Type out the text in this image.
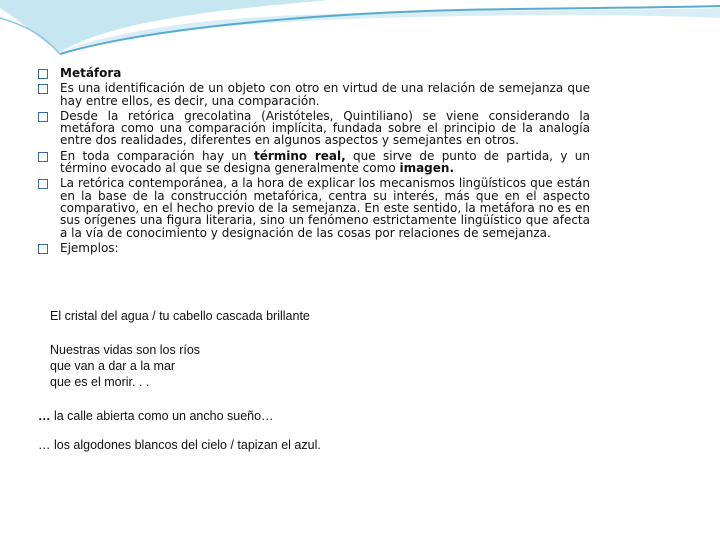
Metáfora
Es una identificación de un objeto con otro en virtud de una relación de semejanza que hay entre ellos, es decir, una comparación.
Desde la retórica grecolatina (Aristóteles, Quintiliano) se viene considerando la metáfora como una comparación implícita, fundada sobre el principio de la analogía entre dos realidades, diferentes en algunos aspectos y semejantes en otros.
En toda comparación hay un término real, que sirve de punto de partida, y un término evocado al que se designa generalmente como imagen.
La retórica contemporánea, a la hora de explicar los mecanismos lingüísticos que están en la base de la construcción metafórica, centra su interés, más que en el aspecto comparativo, en el hecho previo de la semejanza. En este sentido, la metáfora no es en sus orígenes una figura literaria, sino un fenómeno estrictamente lingüístico que afecta a la vía de conocimiento y designación de las cosas por relaciones de semejanza.
Ejemplos:

El cristal del agua / tu cabello cascada brillante

Nuestras vidas son los ríos

que van a dar a la mar

que es el morir. . .

… la calle abierta como un ancho sueño…

… los algodones blancos del cielo / tapizan el azul.
